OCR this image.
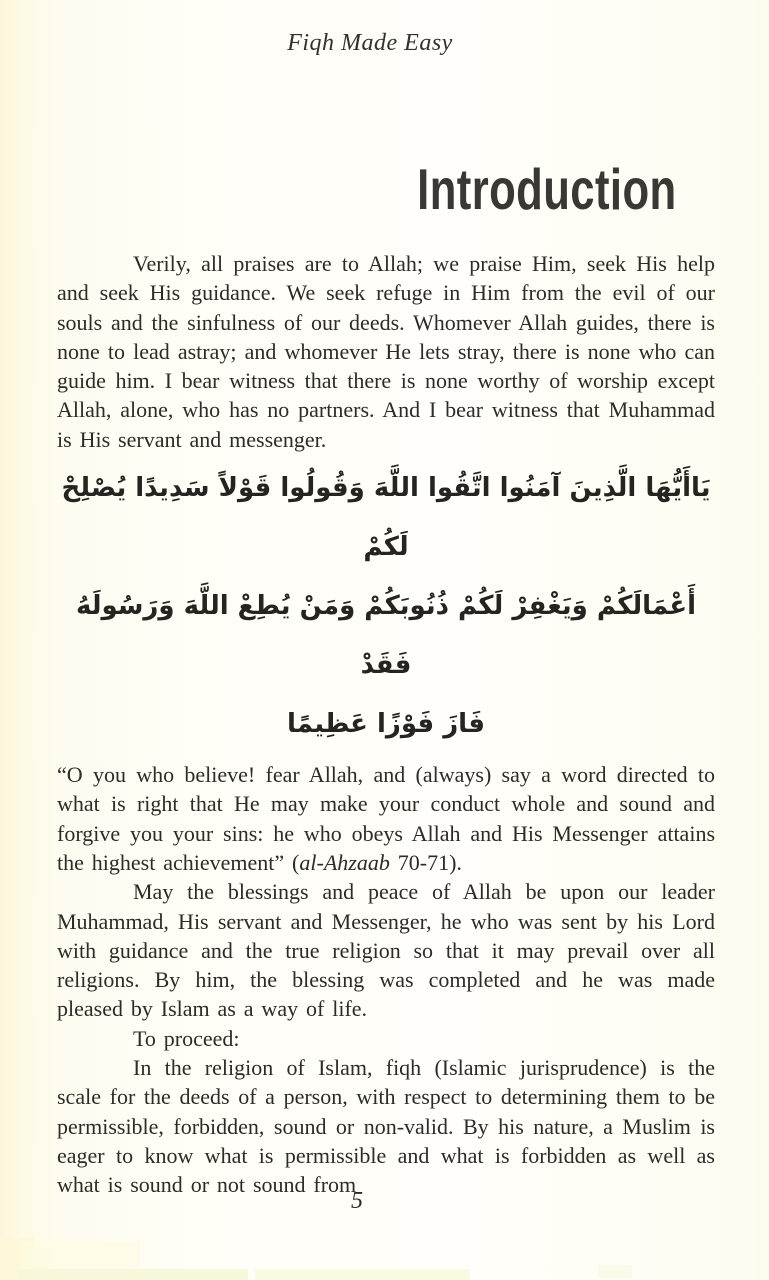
Fiqh Made Easy
Introduction

Verily, all praises are to Allah; we praise Him, seek His help and seek His guidance. We seek refuge in Him from the evil of our souls and the sinfulness of our deeds. Whomever Allah guides, there is none to lead astray; and whomever He lets stray, there is none who can guide him. I bear witness that there is none worthy of worship except Allah, alone, who has no partners. And I bear witness that Muhammad is His servant and messenger.

يَاأَيُّهَا الَّذِينَ آمَنُوا اتَّقُوا اللَّهَ وَقُولُوا قَوْلاً سَدِيدًا يُصْلِحْ لَكُمْ
أَعْمَالَكُمْ وَيَغْفِرْ لَكُمْ ذُنُوبَكُمْ وَمَنْ يُطِعْ اللَّهَ وَرَسُولَهُ فَقَدْ
فَازَ فَوْزًا عَظِيمًا

“O you who believe! fear Allah, and (always) say a word directed to what is right that He may make your conduct whole and sound and forgive you your sins: he who obeys Allah and His Messenger attains the highest achievement” (al-Ahzaab 70-71).

May the blessings and peace of Allah be upon our leader Muhammad, His servant and Messenger, he who was sent by his Lord with guidance and the true religion so that it may prevail over all religions. By him, the blessing was completed and he was made pleased by Islam as a way of life.

To proceed:

In the religion of Islam, fiqh (Islamic jurisprudence) is the scale for the deeds of a person, with respect to determining them to be permissible, forbidden, sound or non-valid. By his nature, a Muslim is eager to know what is permissible and what is forbidden as well as what is sound or not sound from

5
